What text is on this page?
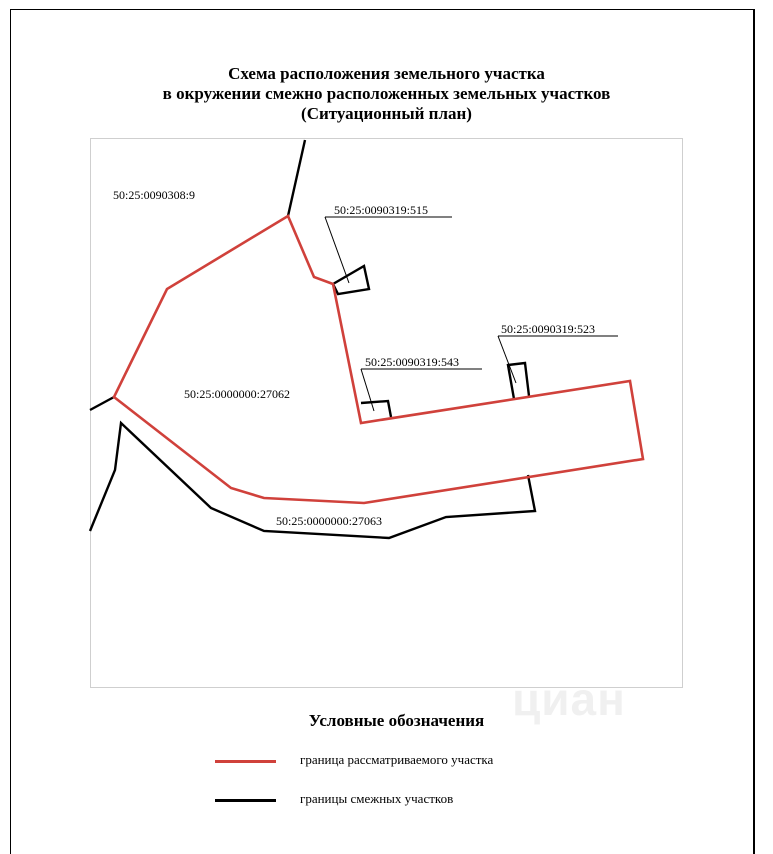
Схема расположения земельного участка
в окружении смежно расположенных земельных участков
(Ситуационный план)
50:25:0090308:9
50:25:0090319:515
50:25:0090319:523
50:25:0090319:543
50:25:0000000:27062
50:25:0000000:27063
циан
Условные обозначения
граница рассматриваемого участка
границы смежных участков
